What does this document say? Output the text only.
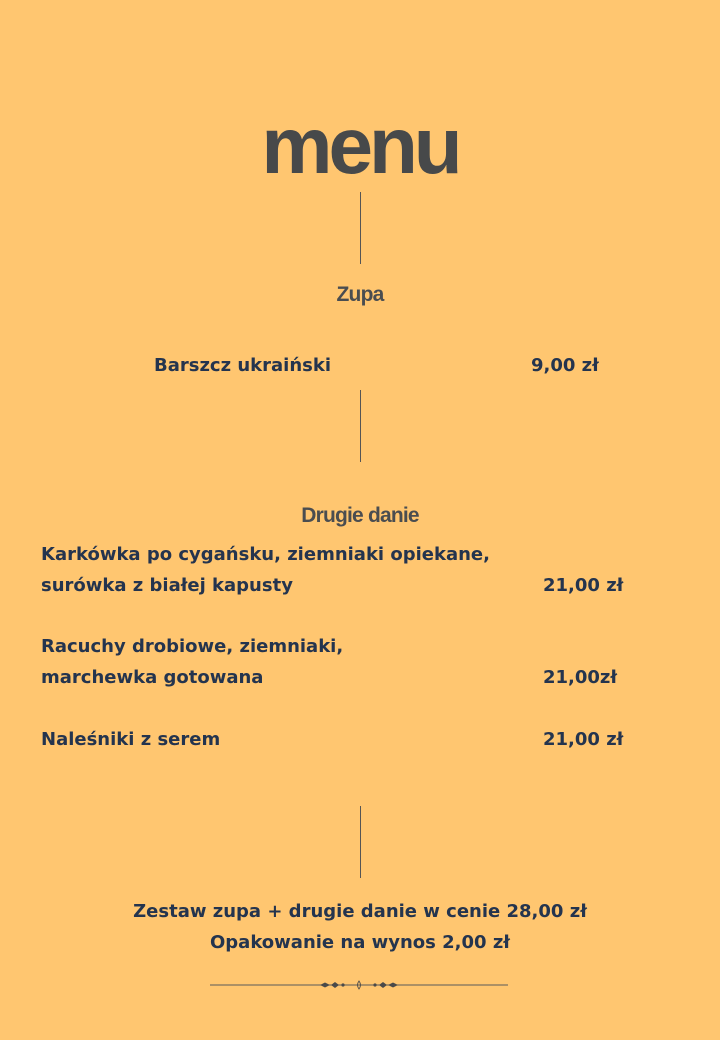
menu
Zupa
Barszcz ukraiński	9,00 zł
Drugie danie
Karkówka po cygańsku, ziemniaki opiekane,
surówka z białej kapusty	21,00 zł
Racuchy drobiowe, ziemniaki,
marchewka gotowana	21,00zł
Naleśniki z serem	21,00 zł
Zestaw zupa + drugie danie w cenie 28,00 zł
Opakowanie na wynos 2,00 zł
